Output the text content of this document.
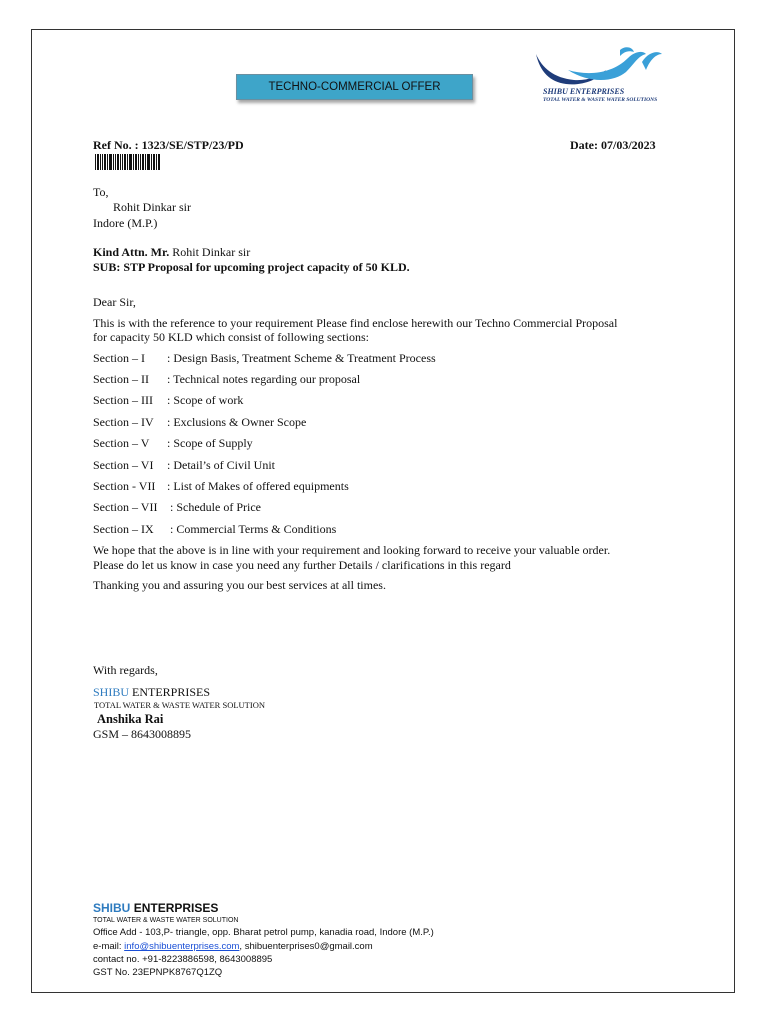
TECHNO-COMMERCIAL OFFER	SHIBU ENTERPRISES
TOTAL WATER & WASTE WATER SOLUTIONS
Ref No. : 1323/SE/STP/23/PD	Date: 07/03/2023
To,
Rohit Dinkar sir
Indore (M.P.)
Kind Attn. Mr. Rohit Dinkar sir
SUB: STP Proposal for upcoming project capacity of 50 KLD.
Dear Sir,
This is with the reference to your requirement Please find enclose herewith our Techno Commercial Proposal
for capacity 50 KLD which consist of following sections:
Section – I : Design Basis, Treatment Scheme & Treatment Process
Section – II : Technical notes regarding our proposal
Section – III : Scope of work
Section – IV : Exclusions & Owner Scope
Section – V : Scope of Supply
Section – VI : Detail’s of Civil Unit
Section - VII : List of Makes of offered equipments
Section – VII : Schedule of Price
Section – IX : Commercial Terms & Conditions
We hope that the above is in line with your requirement and looking forward to receive your valuable order.
Please do let us know in case you need any further Details / clarifications in this regard
Thanking you and assuring you our best services at all times.
With regards,
SHIBU ENTERPRISES
TOTAL WATER & WASTE WATER SOLUTION
Anshika Rai
GSM – 8643008895
SHIBU ENTERPRISES
TOTAL WATER & WASTE WATER SOLUTION
Office Add - 103,P- triangle, opp. Bharat petrol pump, kanadia road, Indore (M.P.)
e-mail: info@shibuenterprises.com, shibuenterprises0@gmail.com
contact no. +91-8223886598, 8643008895
GST No. 23EPNPK8767Q1ZQ
